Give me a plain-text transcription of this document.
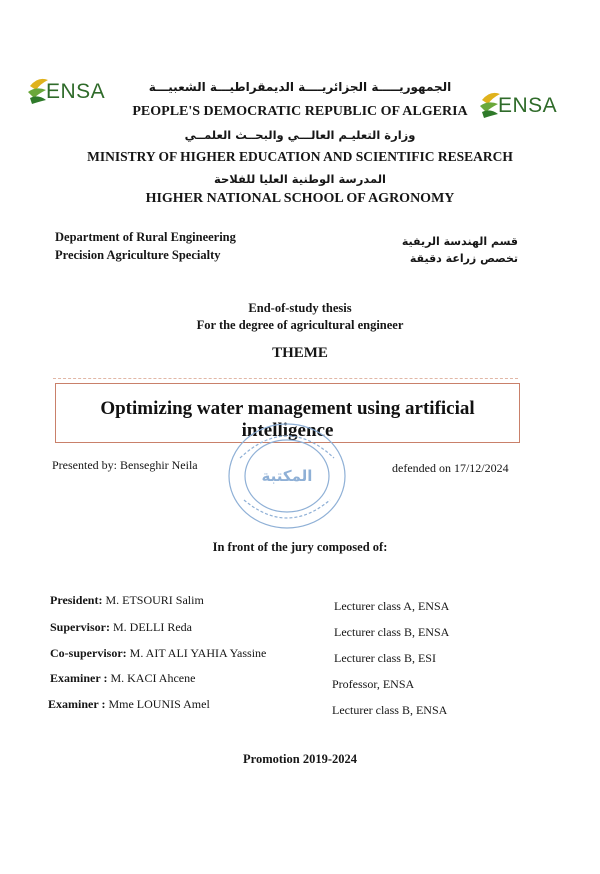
ENSA
ENSA
الجمهوريـــــة الجزائريــــة الديمقراطيـــة الشعبيـــة
PEOPLE'S DEMOCRATIC REPUBLIC OF ALGERIA
وزارة التعليـم العالـــي والبحــث العلمــي
MINISTRY OF HIGHER EDUCATION AND SCIENTIFIC RESEARCH
المدرسة الوطنية العليا للفلاحة
HIGHER NATIONAL SCHOOL OF AGRONOMY
Department of Rural Engineering
Precision Agriculture Specialty
قسم الهندسة الريفية
تخصص زراعة دقيقة
End-of-study thesis
For the degree of agricultural engineer
THEME
Optimizing water management using artificial intelligence
المكتبة
Presented by: Benseghir Neila	defended on 17/12/2024
In front of the jury composed of:
President: M. ETSOURI Salim	Lecturer class A, ENSA
Supervisor: M. DELLI Reda	Lecturer class B, ENSA
Co-supervisor: M. AIT ALI YAHIA Yassine	Lecturer class B, ESI
Examiner : M. KACI Ahcene	Professor, ENSA
Examiner : Mme LOUNIS Amel	Lecturer class B, ENSA
Promotion 2019-2024
